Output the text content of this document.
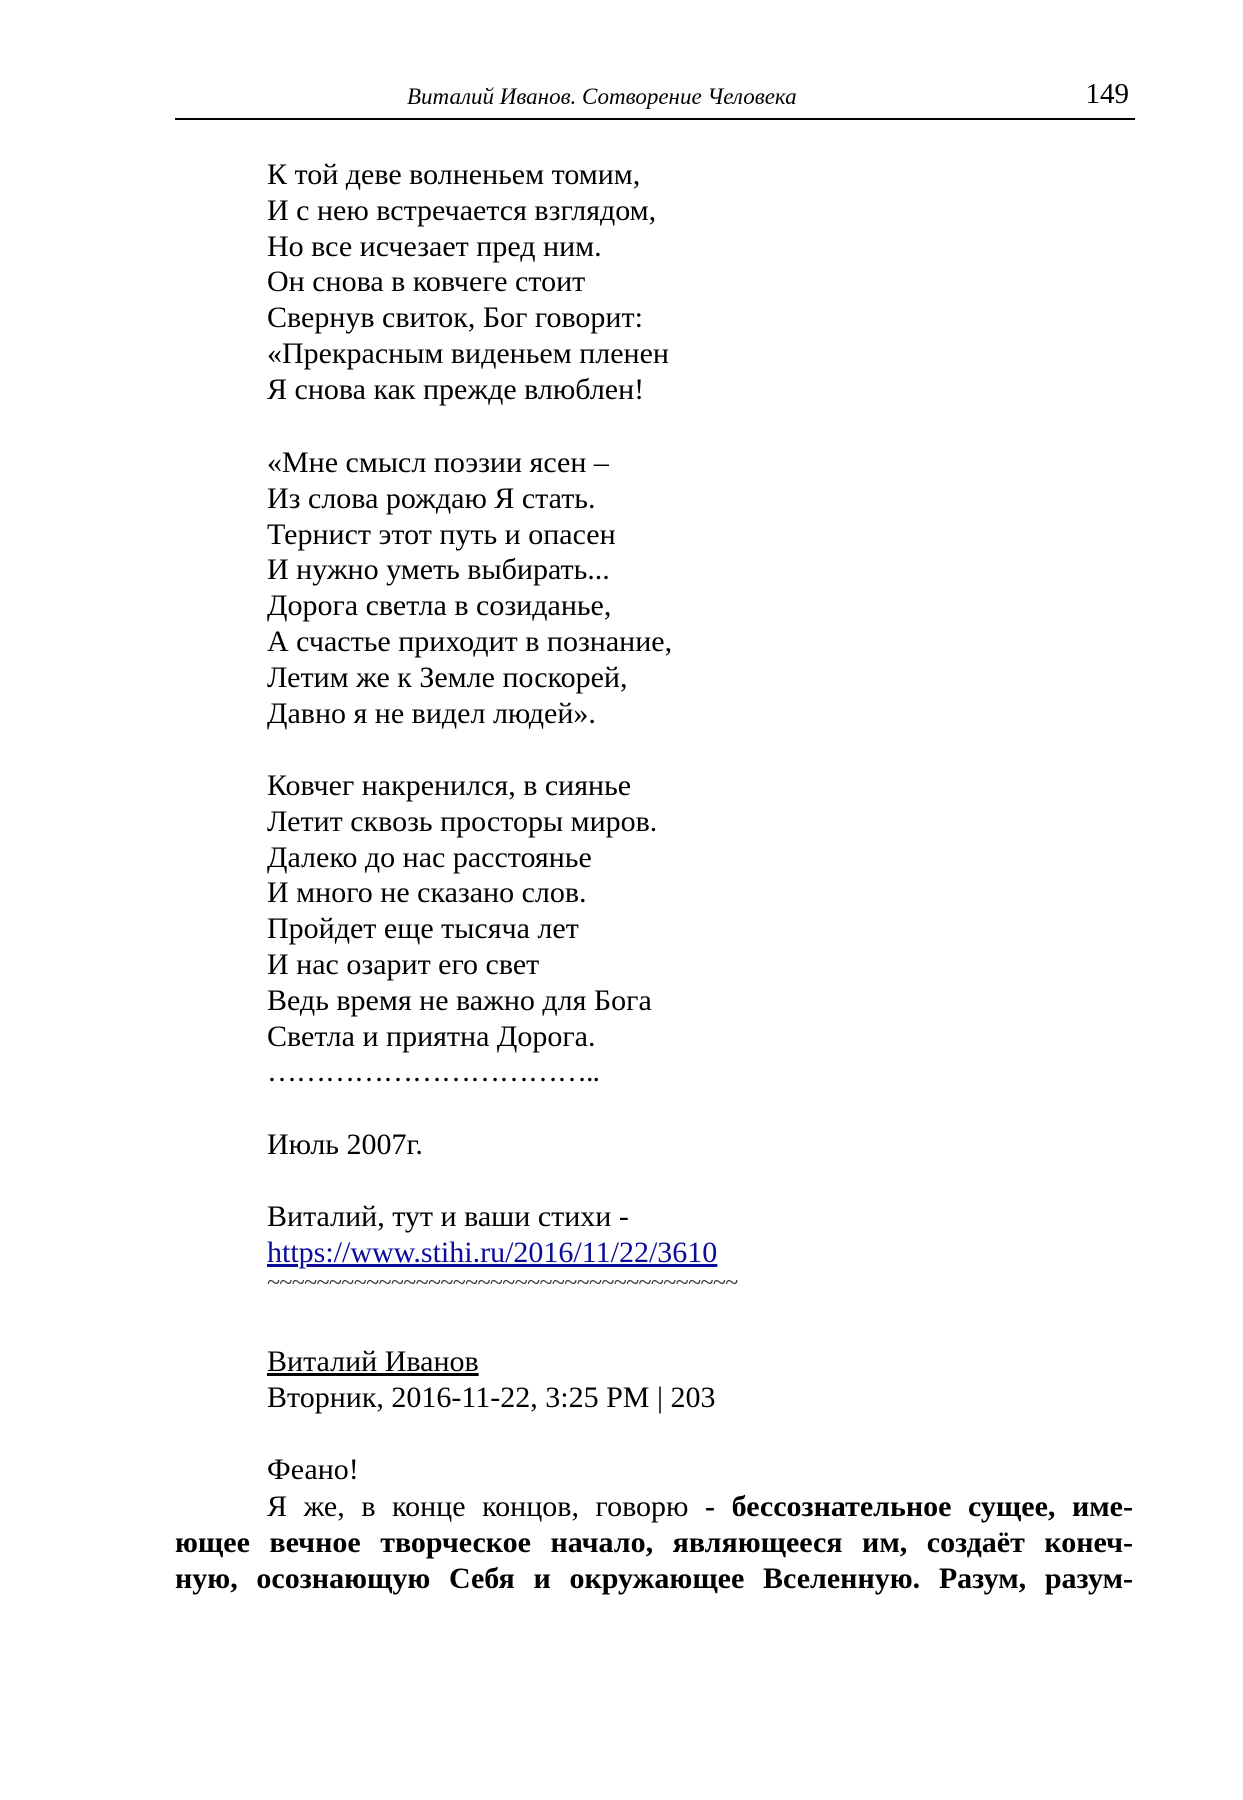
Виталий Иванов. Сотворение Человека	149
К той деве волненьем томим,
И с нею встречается взглядом,
Но все исчезает пред ним.
Он снова в ковчеге стоит
Свернув свиток, Бог говорит:
«Прекрасным виденьем пленен
Я снова как прежде влюблен!
«Мне смысл поэзии ясен –
Из слова рождаю Я стать.
Тернист этот путь и опасен
И нужно уметь выбирать...
Дорога светла в созиданье,
А счастье приходит в познание,
Летим же к Земле поскорей,
Давно я не видел людей».
Ковчег накренился, в сиянье
Летит сквозь просторы миров.
Далеко до нас расстоянье
И много не сказано слов.
Пройдет еще тысяча лет
И нас озарит его свет
Ведь время не важно для Бога
Светла и приятна Дорога.
……………………………..
Июль 2007г.
Виталий, тут и ваши стихи -
https://www.stihi.ru/2016/11/22/3610
~~~~~~~~~~~~~~~~~~~~~~~~~~~~~~~~~~~~~~
Виталий Иванов
Вторник, 2016-11-22, 3:25 PM | 203
Феано!
Я же, в конце концов, говорю - бессознательное сущее, име-
ющее вечное творческое начало, являющееся им, создаёт конеч-
ную, осознающую Себя и окружающее Вселенную. Разум, разум-
